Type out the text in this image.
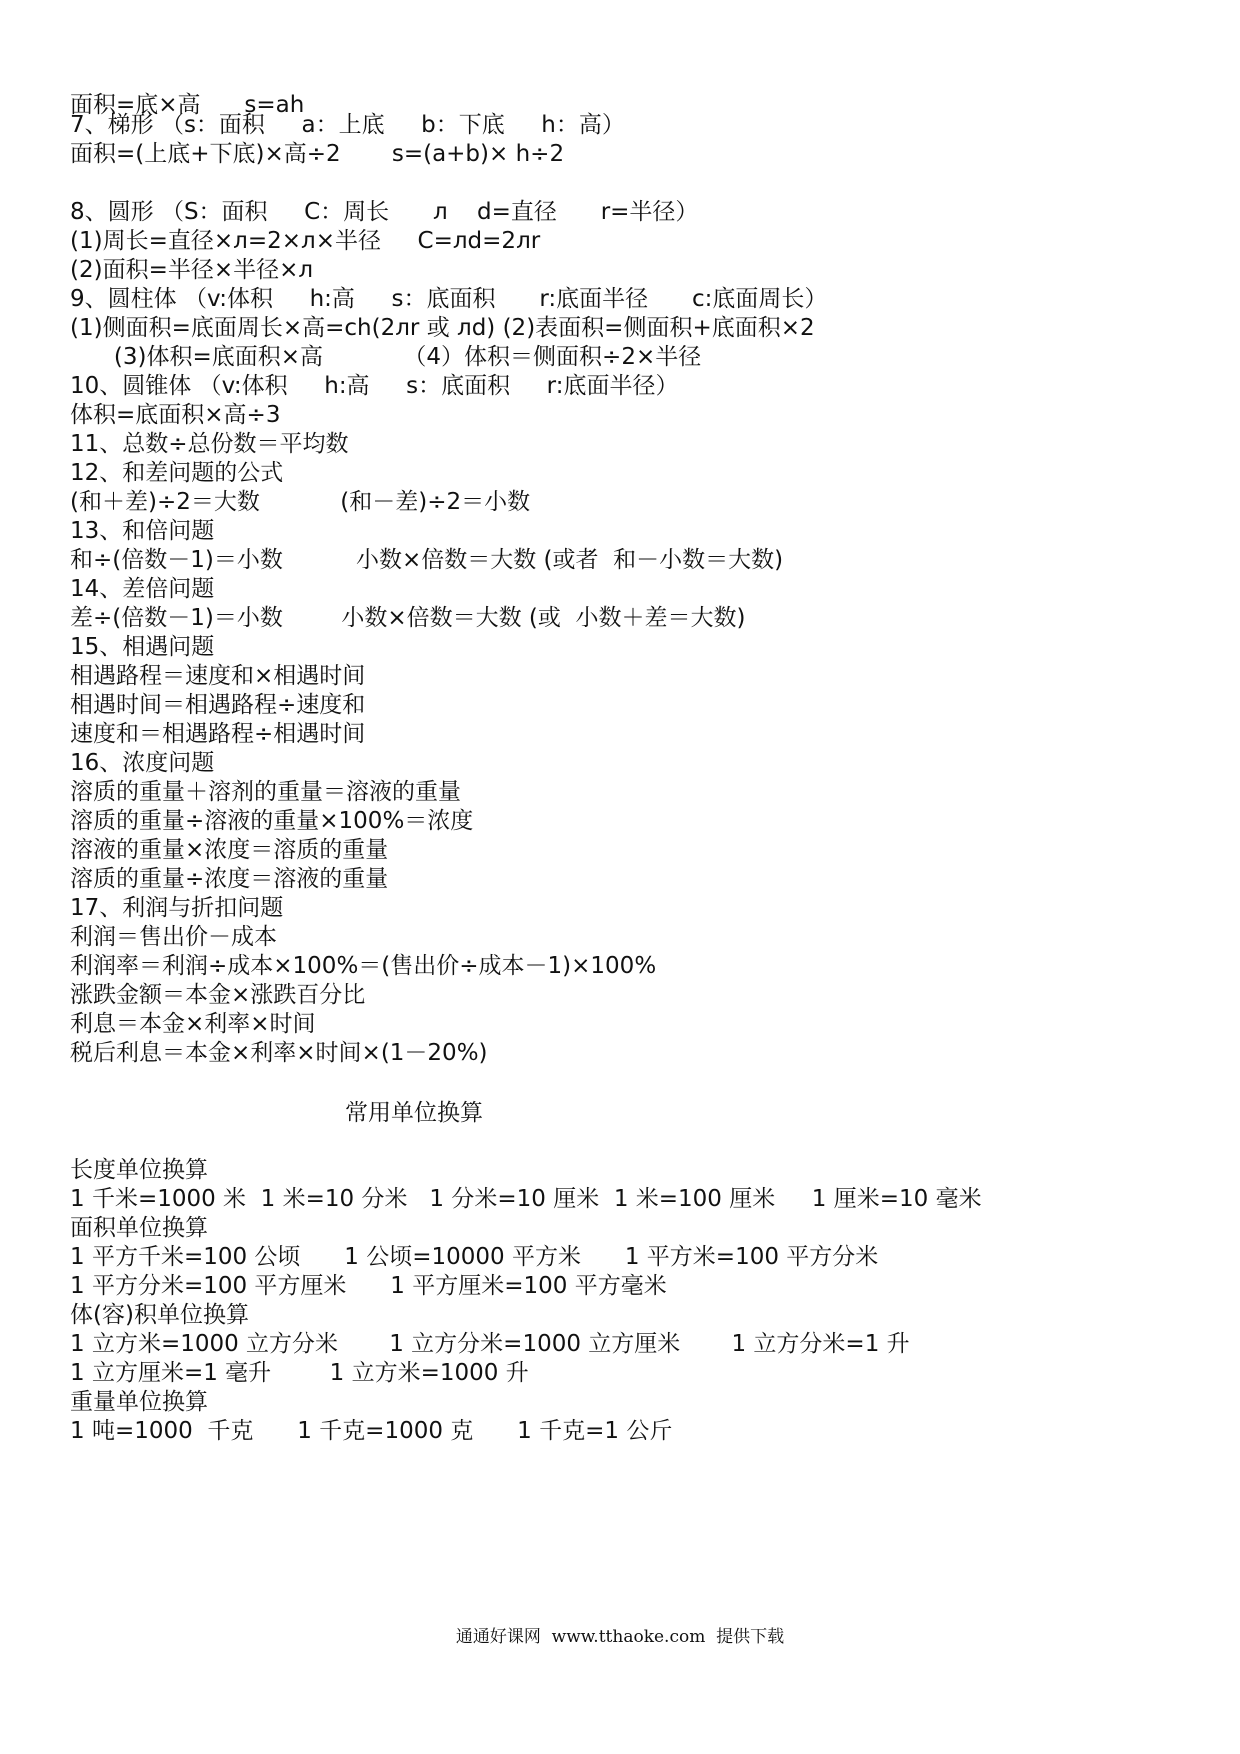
面积=底×高      s=ah
7、梯形 （s：面积     a：上底     b：下底     h：高）
面积=(上底+下底)×高÷2       s=(a+b)× h÷2
8、圆形 （S：面积     C：周长      л    d=直径      r=半径）
(1)周长=直径×л=2×л×半径     C=лd=2лr
(2)面积=半径×半径×л
9、圆柱体 （v:体积     h:高     s：底面积      r:底面半径      c:底面周长）
(1)侧面积=底面周长×高=ch(2лr 或 лd) (2)表面积=侧面积+底面积×2
(3)体积=底面积×高           （4）体积＝侧面积÷2×半径
10、圆锥体 （v:体积     h:高     s：底面积     r:底面半径）
体积=底面积×高÷3
11、总数÷总份数＝平均数
12、和差问题的公式
(和＋差)÷2＝大数           (和－差)÷2＝小数
13、和倍问题
和÷(倍数－1)＝小数          小数×倍数＝大数 (或者  和－小数＝大数)
14、差倍问题
差÷(倍数－1)＝小数        小数×倍数＝大数 (或  小数＋差＝大数)
15、相遇问题
相遇路程＝速度和×相遇时间
相遇时间＝相遇路程÷速度和
速度和＝相遇路程÷相遇时间
16、浓度问题
溶质的重量＋溶剂的重量＝溶液的重量
溶质的重量÷溶液的重量×100%＝浓度
溶液的重量×浓度＝溶质的重量
溶质的重量÷浓度＝溶液的重量
17、利润与折扣问题
利润＝售出价－成本
利润率＝利润÷成本×100%＝(售出价÷成本－1)×100%
涨跌金额＝本金×涨跌百分比
利息＝本金×利率×时间
税后利息＝本金×利率×时间×(1－20%)
常用单位换算
长度单位换算
1 千米=1000 米  1 米=10 分米   1 分米=10 厘米  1 米=100 厘米     1 厘米=10 毫米
面积单位换算
1 平方千米=100 公顷      1 公顷=10000 平方米      1 平方米=100 平方分米
1 平方分米=100 平方厘米      1 平方厘米=100 平方毫米
体(容)积单位换算
1 立方米=1000 立方分米       1 立方分米=1000 立方厘米       1 立方分米=1 升
1 立方厘米=1 毫升        1 立方米=1000 升
重量单位换算
1 吨=1000  千克      1 千克=1000 克      1 千克=1 公斤
通通好课网  www.tthaoke.com  提供下载
